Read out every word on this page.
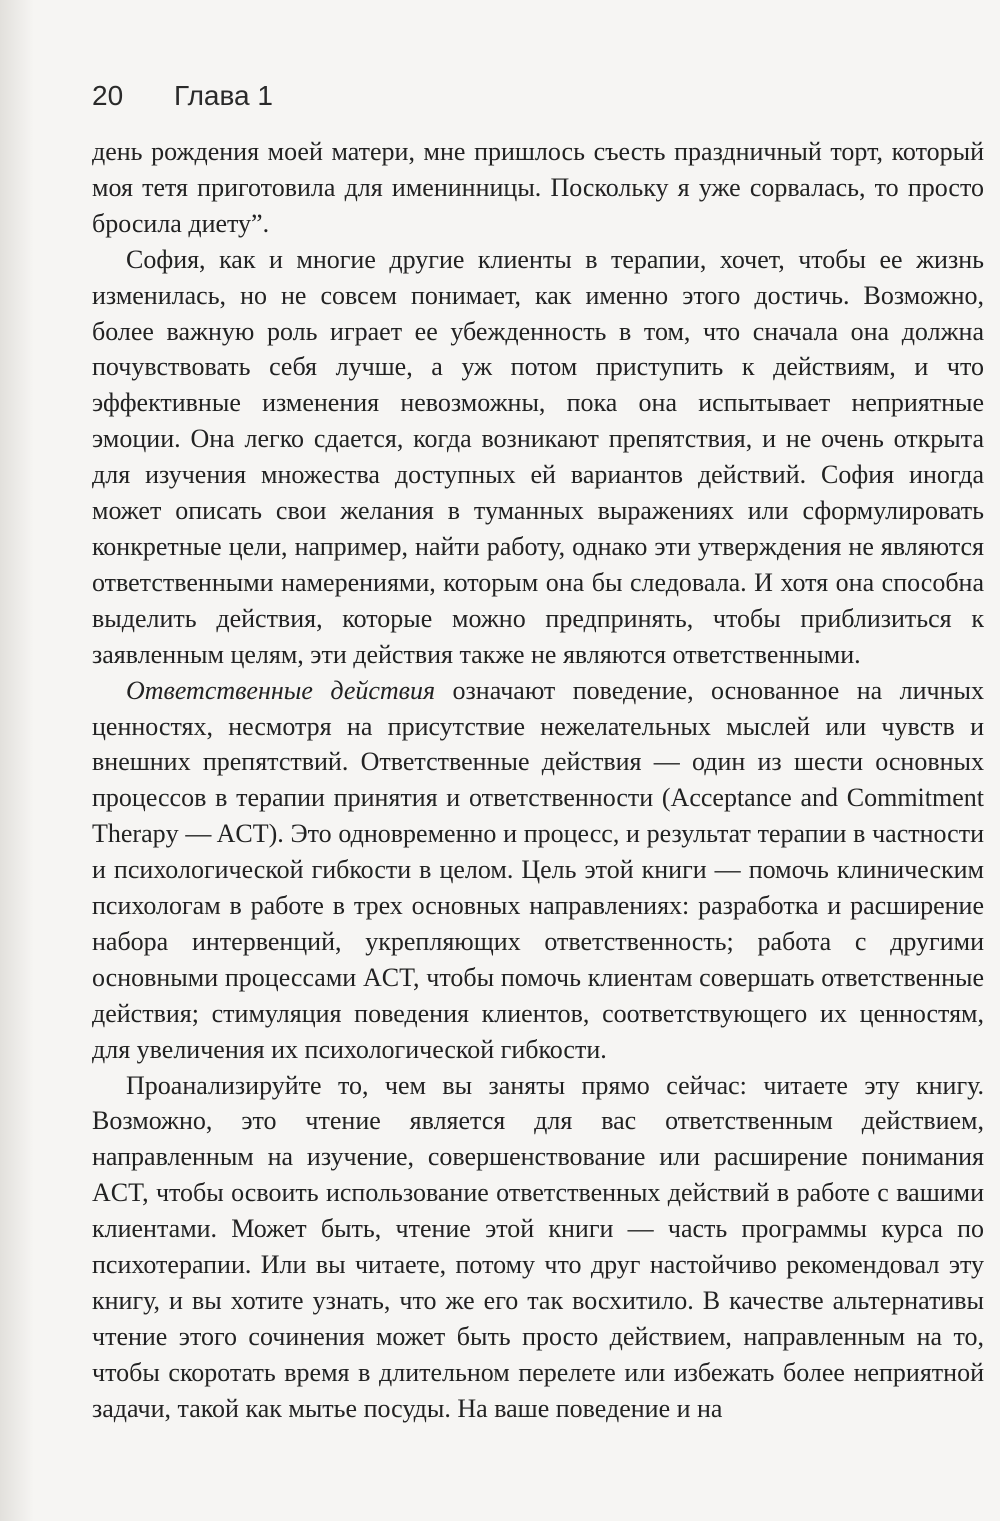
20 Глава 1

день рождения моей матери, мне пришлось съесть праздничный торт, который моя тетя приготовила для именинницы. Поскольку я уже сорвалась, то просто бросила диету”.

София, как и многие другие клиенты в терапии, хочет, чтобы ее жизнь изменилась, но не совсем понимает, как именно этого достичь. Возможно, более важную роль играет ее убежденность в том, что сначала она должна почувствовать себя лучше, а уж потом приступить к действиям, и что эффективные изменения невозможны, пока она испытывает неприятные эмоции. Она легко сдается, когда возникают препятствия, и не очень открыта для изучения множества доступных ей вариантов действий. София иногда может описать свои желания в туманных выражениях или сформулировать конкретные цели, например, найти работу, однако эти утверждения не являются ответственными намерениями, которым она бы следовала. И хотя она способна выделить действия, которые можно предпринять, чтобы приблизиться к заявленным целям, эти действия также не являются ответственными.

Ответственные действия означают поведение, основанное на личных ценностях, несмотря на присутствие нежелательных мыслей или чувств и внешних препятствий. Ответственные действия — один из шести основных процессов в терапии принятия и ответственности (Acceptance and Commitment Therapy — ACT). Это одновременно и процесс, и результат терапии в частности и психологической гибкости в целом. Цель этой книги — помочь клиническим психологам в работе в трех основных направлениях: разработка и расширение набора интервенций, укрепляющих ответственность; работа с другими основными процессами ACT, чтобы помочь клиентам совершать ответственные действия; стимуляция поведения клиентов, соответствующего их ценностям, для увеличения их психологической гибкости.

Проанализируйте то, чем вы заняты прямо сейчас: читаете эту книгу. Возможно, это чтение является для вас ответственным действием, направленным на изучение, совершенствование или расширение понимания ACT, чтобы освоить использование ответственных действий в работе с вашими клиентами. Может быть, чтение этой книги — часть программы курса по психотерапии. Или вы читаете, потому что друг настойчиво рекомендовал эту книгу, и вы хотите узнать, что же его так восхитило. В качестве альтернативы чтение этого сочинения может быть просто действием, направленным на то, чтобы скоротать время в длительном перелете или избежать более неприятной задачи, такой как мытье посуды. На ваше поведение и на
